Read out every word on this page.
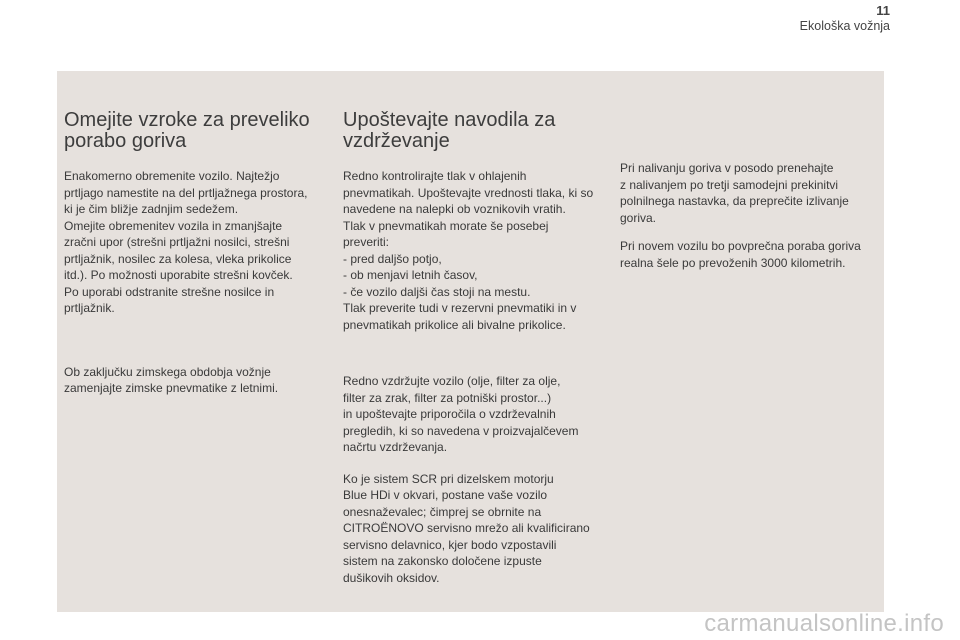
11
Ekološka vožnja
Omejite vzroke za preveliko
porabo goriva

Enakomerno obremenite vozilo. Najtežjo
prtljago namestite na del prtljažnega prostora,
ki je čim bližje zadnjim sedežem.
Omejite obremenitev vozila in zmanjšajte
zračni upor (strešni prtljažni nosilci, strešni
prtljažnik, nosilec za kolesa, vleka prikolice
itd.). Po možnosti uporabite strešni kovček.
Po uporabi odstranite strešne nosilce in
prtljažnik.

Ob zaključku zimskega obdobja vožnje
zamenjajte zimske pnevmatike z letnimi.

Upoštevajte navodila za
vzdrževanje

Redno kontrolirajte tlak v ohlajenih
pnevmatikah. Upoštevajte vrednosti tlaka, ki so
navedene na nalepki ob voznikovih vratih.
Tlak v pnevmatikah morate še posebej
preveriti:
- pred daljšo potjo,
- ob menjavi letnih časov,
- če vozilo daljši čas stoji na mestu.
Tlak preverite tudi v rezervni pnevmatiki in v
pnevmatikah prikolice ali bivalne prikolice.

Redno vzdržujte vozilo (olje, filter za olje,
filter za zrak, filter za potniški prostor...)
in upoštevajte priporočila o vzdrževalnih
pregledih, ki so navedena v proizvajalčevem
načrtu vzdrževanja.

Ko je sistem SCR pri dizelskem motorju
Blue HDi v okvari, postane vaše vozilo
onesnaževalec; čimprej se obrnite na
CITROËNOVO servisno mrežo ali kvalificirano
servisno delavnico, kjer bodo vzpostavili
sistem na zakonsko določene izpuste
dušikovih oksidov.

Pri nalivanju goriva v posodo prenehajte
z nalivanjem po tretji samodejni prekinitvi
polnilnega nastavka, da preprečite izlivanje
goriva.

Pri novem vozilu bo povprečna poraba goriva
realna šele po prevoženih 3000 kilometrih.

carmanualsonline.info
